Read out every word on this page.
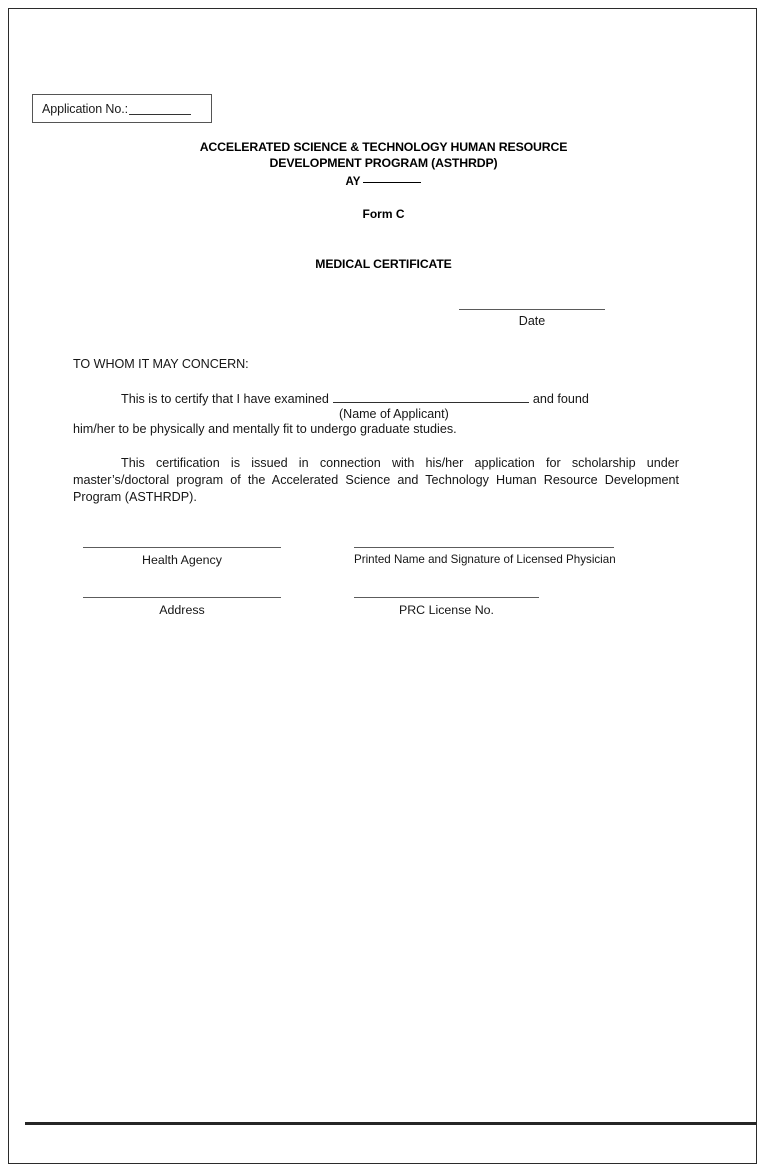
Application No.:
ACCELERATED SCIENCE & TECHNOLOGY HUMAN RESOURCE
DEVELOPMENT PROGRAM (ASTHRDP)
AY
Form C
MEDICAL CERTIFICATE
Date
TO WHOM IT MAY CONCERN:
This is to certify that I have examined	and found
(Name of Applicant)
him/her to be physically and mentally fit to undergo graduate studies.
This certification is issued in connection with his/her application for scholarship under master’s/doctoral program of the Accelerated Science and Technology Human Resource Development Program (ASTHRDP).
Health Agency	Printed Name and Signature of Licensed Physician
Address	PRC License No.
